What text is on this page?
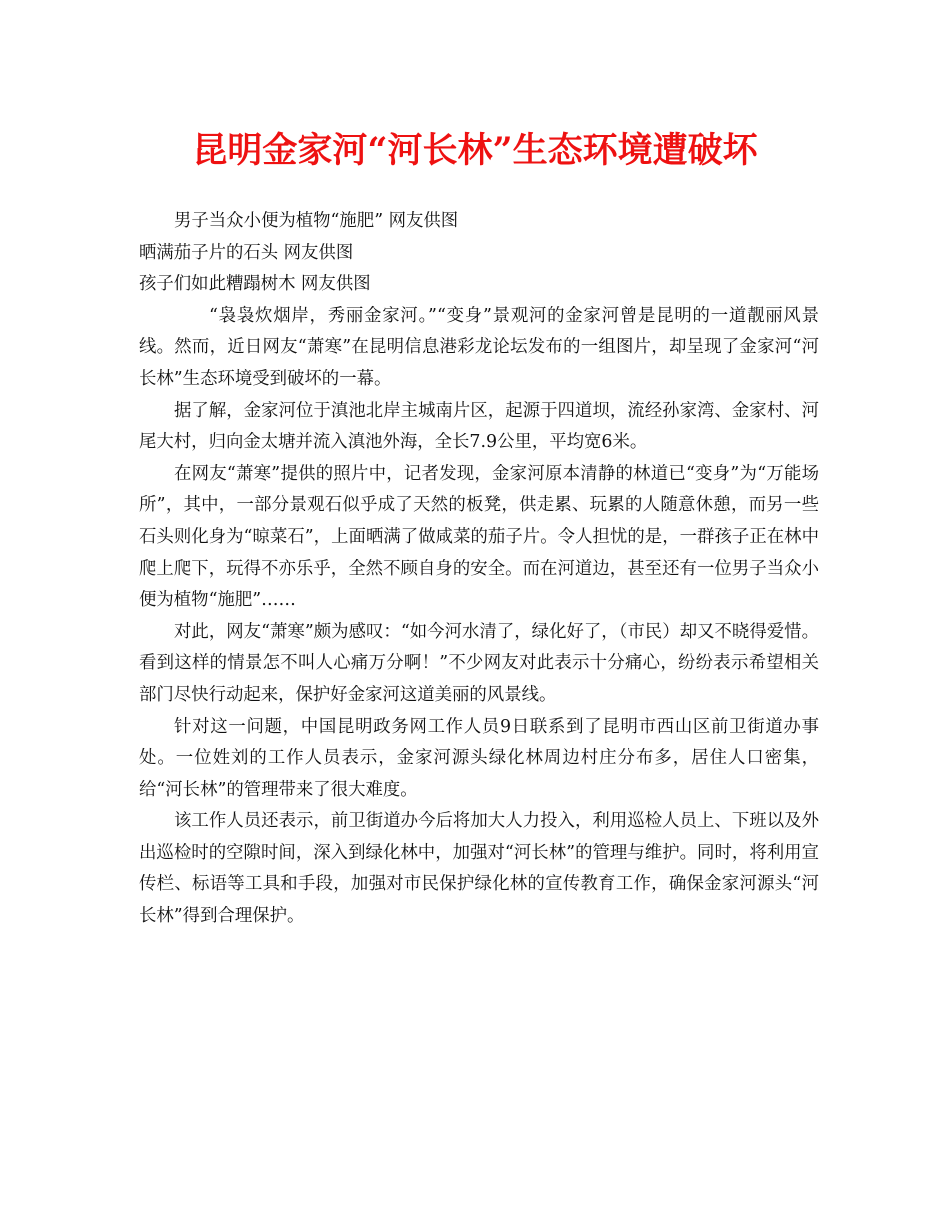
昆明金家河“河长林”生态环境遭破坏

男子当众小便为植物“施肥” 网友供图

晒满茄子片的石头 网友供图

孩子们如此糟蹋树木 网友供图

“袅袅炊烟岸，秀丽金家河。”“变身”景观河的金家河曾是昆明的一道靓丽风景线。然而，近日网友“萧寒”在昆明信息港彩龙论坛发布的一组图片，却呈现了金家河“河长林”生态环境受到破坏的一幕。

据了解，金家河位于滇池北岸主城南片区，起源于四道坝，流经孙家湾、金家村、河尾大村，归向金太塘并流入滇池外海，全长7.9公里，平均宽6米。

在网友“萧寒”提供的照片中，记者发现，金家河原本清静的林道已“变身”为“万能场所”，其中，一部分景观石似乎成了天然的板凳，供走累、玩累的人随意休憩，而另一些石头则化身为“晾菜石”，上面晒满了做咸菜的茄子片。令人担忧的是，一群孩子正在林中爬上爬下，玩得不亦乐乎，全然不顾自身的安全。而在河道边，甚至还有一位男子当众小便为植物“施肥”……

对此，网友“萧寒”颇为感叹：“如今河水清了，绿化好了，（市民）却又不晓得爱惜。看到这样的情景怎不叫人心痛万分啊！”不少网友对此表示十分痛心，纷纷表示希望相关部门尽快行动起来，保护好金家河这道美丽的风景线。

针对这一问题，中国昆明政务网工作人员9日联系到了昆明市西山区前卫街道办事处。一位姓刘的工作人员表示，金家河源头绿化林周边村庄分布多，居住人口密集，给“河长林”的管理带来了很大难度。

该工作人员还表示，前卫街道办今后将加大人力投入，利用巡检人员上、下班以及外出巡检时的空隙时间，深入到绿化林中，加强对“河长林”的管理与维护。同时，将利用宣传栏、标语等工具和手段，加强对市民保护绿化林的宣传教育工作，确保金家河源头“河长林”得到合理保护。
